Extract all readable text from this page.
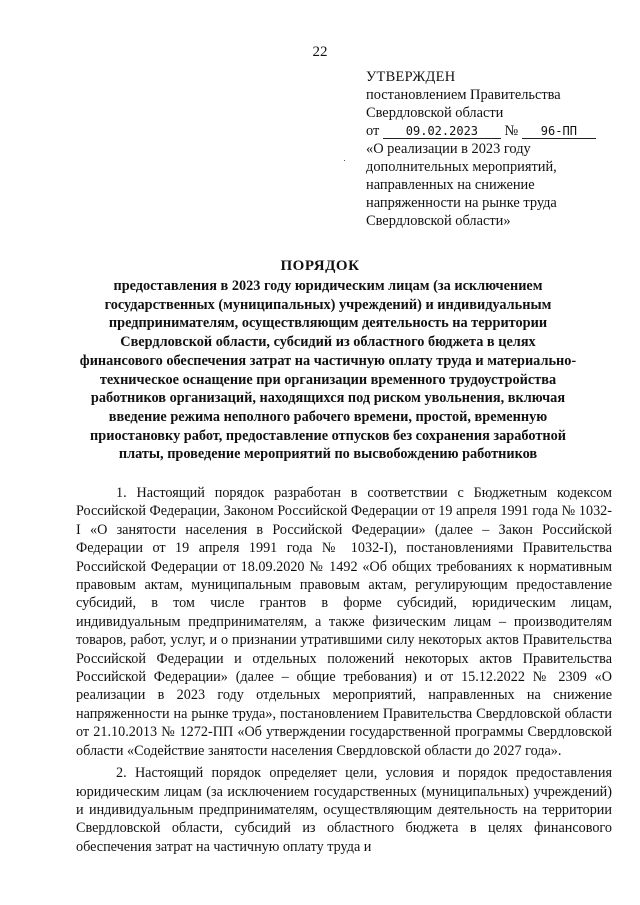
22
УТВЕРЖДЕН
постановлением Правительства
Свердловской области
от 09.02.2023 № 96-ПП
«О реализации в 2023 году дополнительных мероприятий, направленных на снижение напряженности на рынке труда Свердловской области»
ПОРЯДОК
предоставления в 2023 году юридическим лицам (за исключением государственных (муниципальных) учреждений) и индивидуальным предпринимателям, осуществляющим деятельность на территории Свердловской области, субсидий из областного бюджета в целях финансового обеспечения затрат на частичную оплату труда и материально-техническое оснащение при организации временного трудоустройства работников организаций, находящихся под риском увольнения, включая введение режима неполного рабочего времени, простой, временную приостановку работ, предоставление отпусков без сохранения заработной платы, проведение мероприятий по высвобождению работников

1. Настоящий порядок разработан в соответствии с Бюджетным кодексом Российской Федерации, Законом Российской Федерации от 19 апреля 1991 года № 1032-I «О занятости населения в Российской Федерации» (далее – Закон Российской Федерации от 19 апреля 1991 года № 1032-I), постановлениями Правительства Российской Федерации от 18.09.2020 № 1492 «Об общих требованиях к нормативным правовым актам, муниципальным правовым актам, регулирующим предоставление субсидий, в том числе грантов в форме субсидий, юридическим лицам, индивидуальным предпринимателям, а также физическим лицам – производителям товаров, работ, услуг, и о признании утратившими силу некоторых актов Правительства Российской Федерации и отдельных положений некоторых актов Правительства Российской Федерации» (далее – общие требования) и от 15.12.2022 № 2309 «О реализации в 2023 году отдельных мероприятий, направленных на снижение напряженности на рынке труда», постановлением Правительства Свердловской области от 21.10.2013 № 1272-ПП «Об утверждении государственной программы Свердловской области «Содействие занятости населения Свердловской области до 2027 года».

2. Настоящий порядок определяет цели, условия и порядок предоставления юридическим лицам (за исключением государственных (муниципальных) учреждений) и индивидуальным предпринимателям, осуществляющим деятельность на территории Свердловской области, субсидий из областного бюджета в целях финансового обеспечения затрат на частичную оплату труда и
